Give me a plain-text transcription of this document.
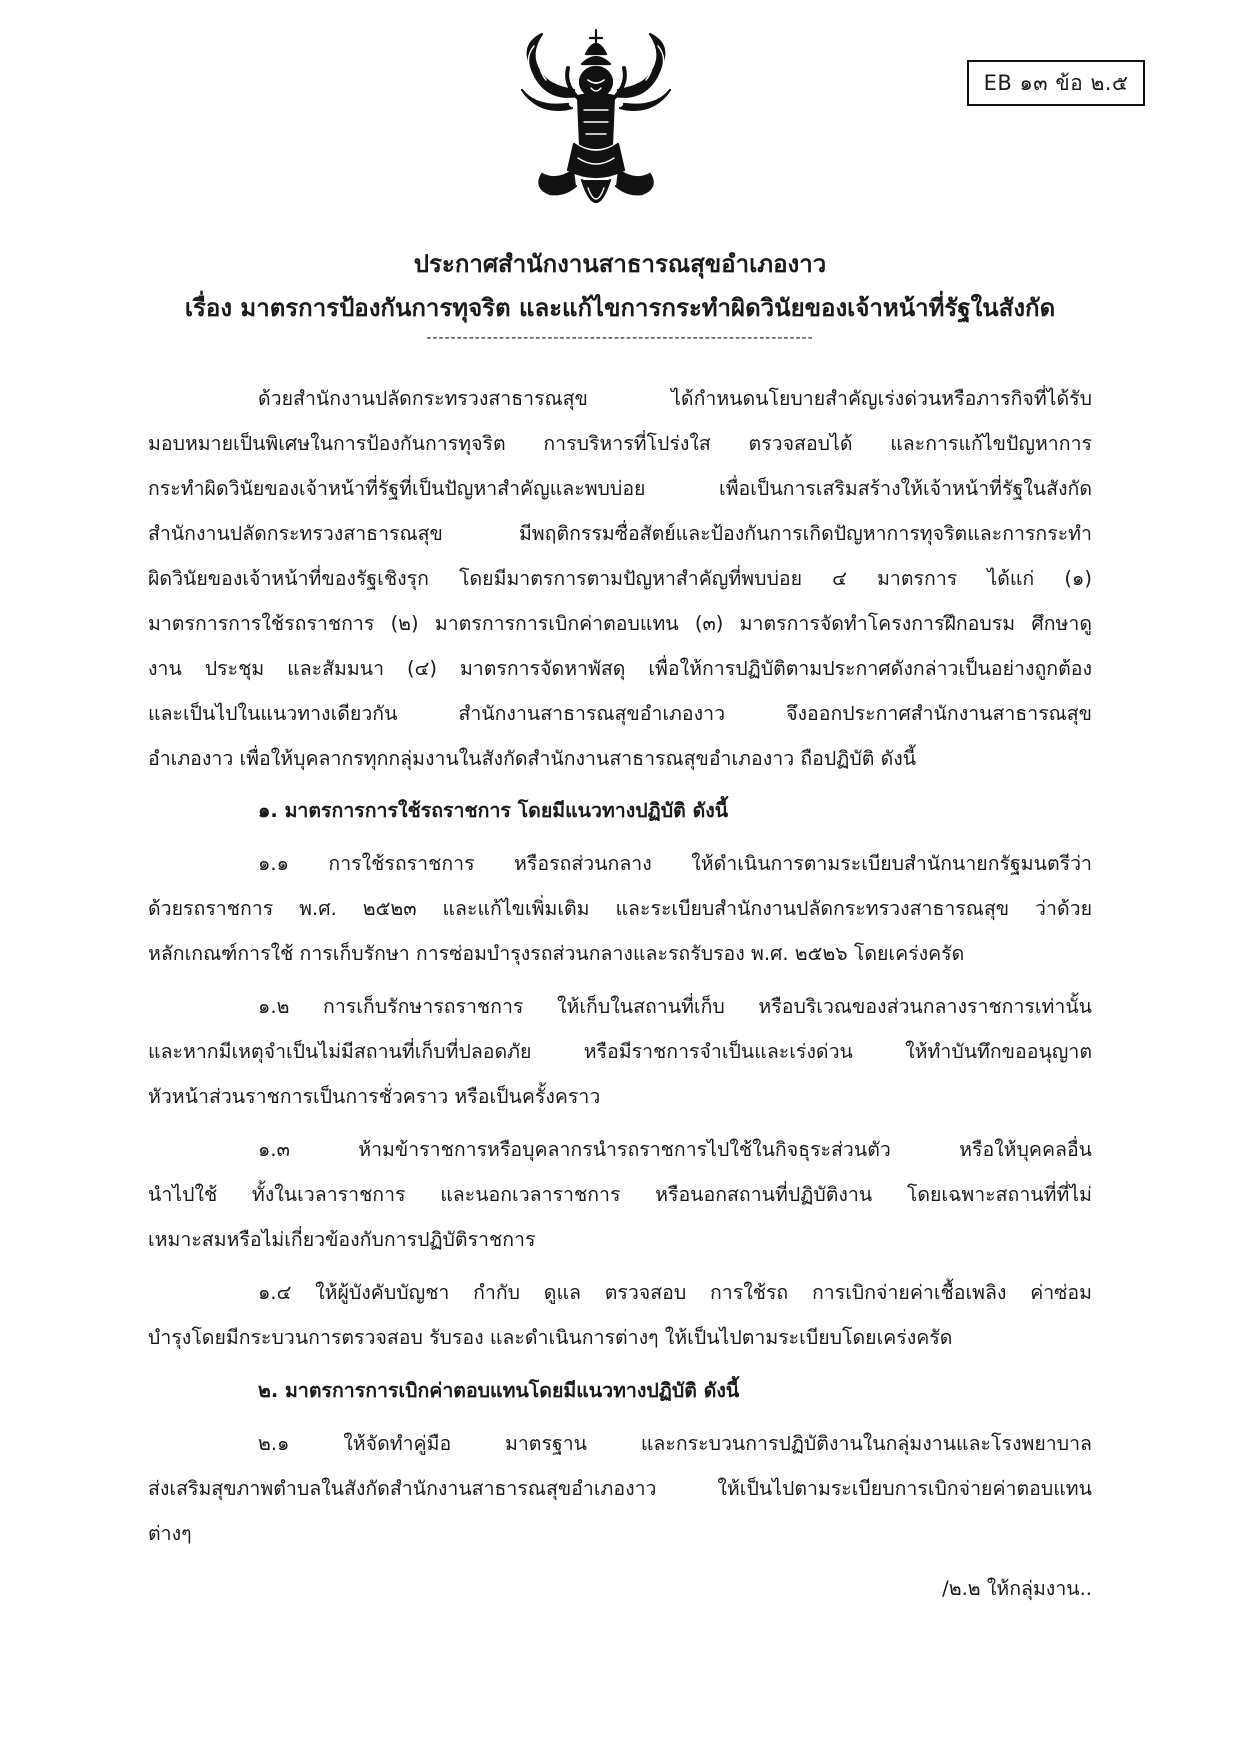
EB ๑๓ ข้อ ๒.๕
ประกาศสำนักงานสาธารณสุขอำเภองาว
เรื่อง มาตรการป้องกันการทุจริต และแก้ไขการกระทำผิดวินัยของเจ้าหน้าที่รัฐในสังกัด
----------------------------------------------------------------
ด้วยสำนักงานปลัดกระทรวงสาธารณสุข ได้กำหนดนโยบายสำคัญเร่งด่วนหรือภารกิจที่ได้รับ
มอบหมายเป็นพิเศษในการป้องกันการทุจริต การบริหารที่โปร่งใส ตรวจสอบได้ และการแก้ไขปัญหาการ
กระทำผิดวินัยของเจ้าหน้าที่รัฐที่เป็นปัญหาสำคัญและพบบ่อย เพื่อเป็นการเสริมสร้างให้เจ้าหน้าที่รัฐในสังกัด
สำนักงานปลัดกระทรวงสาธารณสุข มีพฤติกรรมซื่อสัตย์และป้องกันการเกิดปัญหาการทุจริตและการกระทำ
ผิดวินัยของเจ้าหน้าที่ของรัฐเชิงรุก โดยมีมาตรการตามปัญหาสำคัญที่พบบ่อย ๔ มาตรการ ได้แก่ (๑)
มาตรการการใช้รถราชการ (๒) มาตรการการเบิกค่าตอบแทน (๓) มาตรการจัดทำโครงการฝึกอบรม ศึกษาดู
งาน ประชุม และสัมมนา (๔) มาตรการจัดหาพัสดุ เพื่อให้การปฏิบัติตามประกาศดังกล่าวเป็นอย่างถูกต้อง
และเป็นไปในแนวทางเดียวกัน สำนักงานสาธารณสุขอำเภองาว จึงออกประกาศสำนักงานสาธารณสุข
อำเภองาว เพื่อให้บุคลากรทุกกลุ่มงานในสังกัดสำนักงานสาธารณสุขอำเภองาว ถือปฏิบัติ ดังนี้
๑. มาตรการการใช้รถราชการ โดยมีแนวทางปฏิบัติ ดังนี้
๑.๑ การใช้รถราชการ หรือรถส่วนกลาง ให้ดำเนินการตามระเบียบสำนักนายกรัฐมนตรีว่า
ด้วยรถราชการ พ.ศ. ๒๕๒๓ และแก้ไขเพิ่มเติม และระเบียบสำนักงานปลัดกระทรวงสาธารณสุข ว่าด้วย
หลักเกณฑ์การใช้ การเก็บรักษา การซ่อมบำรุงรถส่วนกลางและรถรับรอง พ.ศ. ๒๕๒๖ โดยเคร่งครัด
๑.๒ การเก็บรักษารถราชการ ให้เก็บในสถานที่เก็บ หรือบริเวณของส่วนกลางราชการเท่านั้น
และหากมีเหตุจำเป็นไม่มีสถานที่เก็บที่ปลอดภัย หรือมีราชการจำเป็นและเร่งด่วน ให้ทำบันทึกขออนุญาต
หัวหน้าส่วนราชการเป็นการชั่วคราว หรือเป็นครั้งคราว
๑.๓ ห้ามข้าราชการหรือบุคลากรนำรถราชการไปใช้ในกิจธุระส่วนตัว หรือให้บุคคลอื่น
นำไปใช้ ทั้งในเวลาราชการ และนอกเวลาราชการ หรือนอกสถานที่ปฏิบัติงาน โดยเฉพาะสถานที่ที่ไม่
เหมาะสมหรือไม่เกี่ยวข้องกับการปฏิบัติราชการ
๑.๔ ให้ผู้บังคับบัญชา กำกับ ดูแล ตรวจสอบ การใช้รถ การเบิกจ่ายค่าเชื้อเพลิง ค่าซ่อม
บำรุงโดยมีกระบวนการตรวจสอบ รับรอง และดำเนินการต่างๆ ให้เป็นไปตามระเบียบโดยเคร่งครัด
๒. มาตรการการเบิกค่าตอบแทนโดยมีแนวทางปฏิบัติ ดังนี้
๒.๑ ให้จัดทำคู่มือ มาตรฐาน และกระบวนการปฏิบัติงานในกลุ่มงานและโรงพยาบาล
ส่งเสริมสุขภาพตำบลในสังกัดสำนักงานสาธารณสุขอำเภองาว ให้เป็นไปตามระเบียบการเบิกจ่ายค่าตอบแทน
ต่างๆ
/๒.๒ ให้กลุ่มงาน..
